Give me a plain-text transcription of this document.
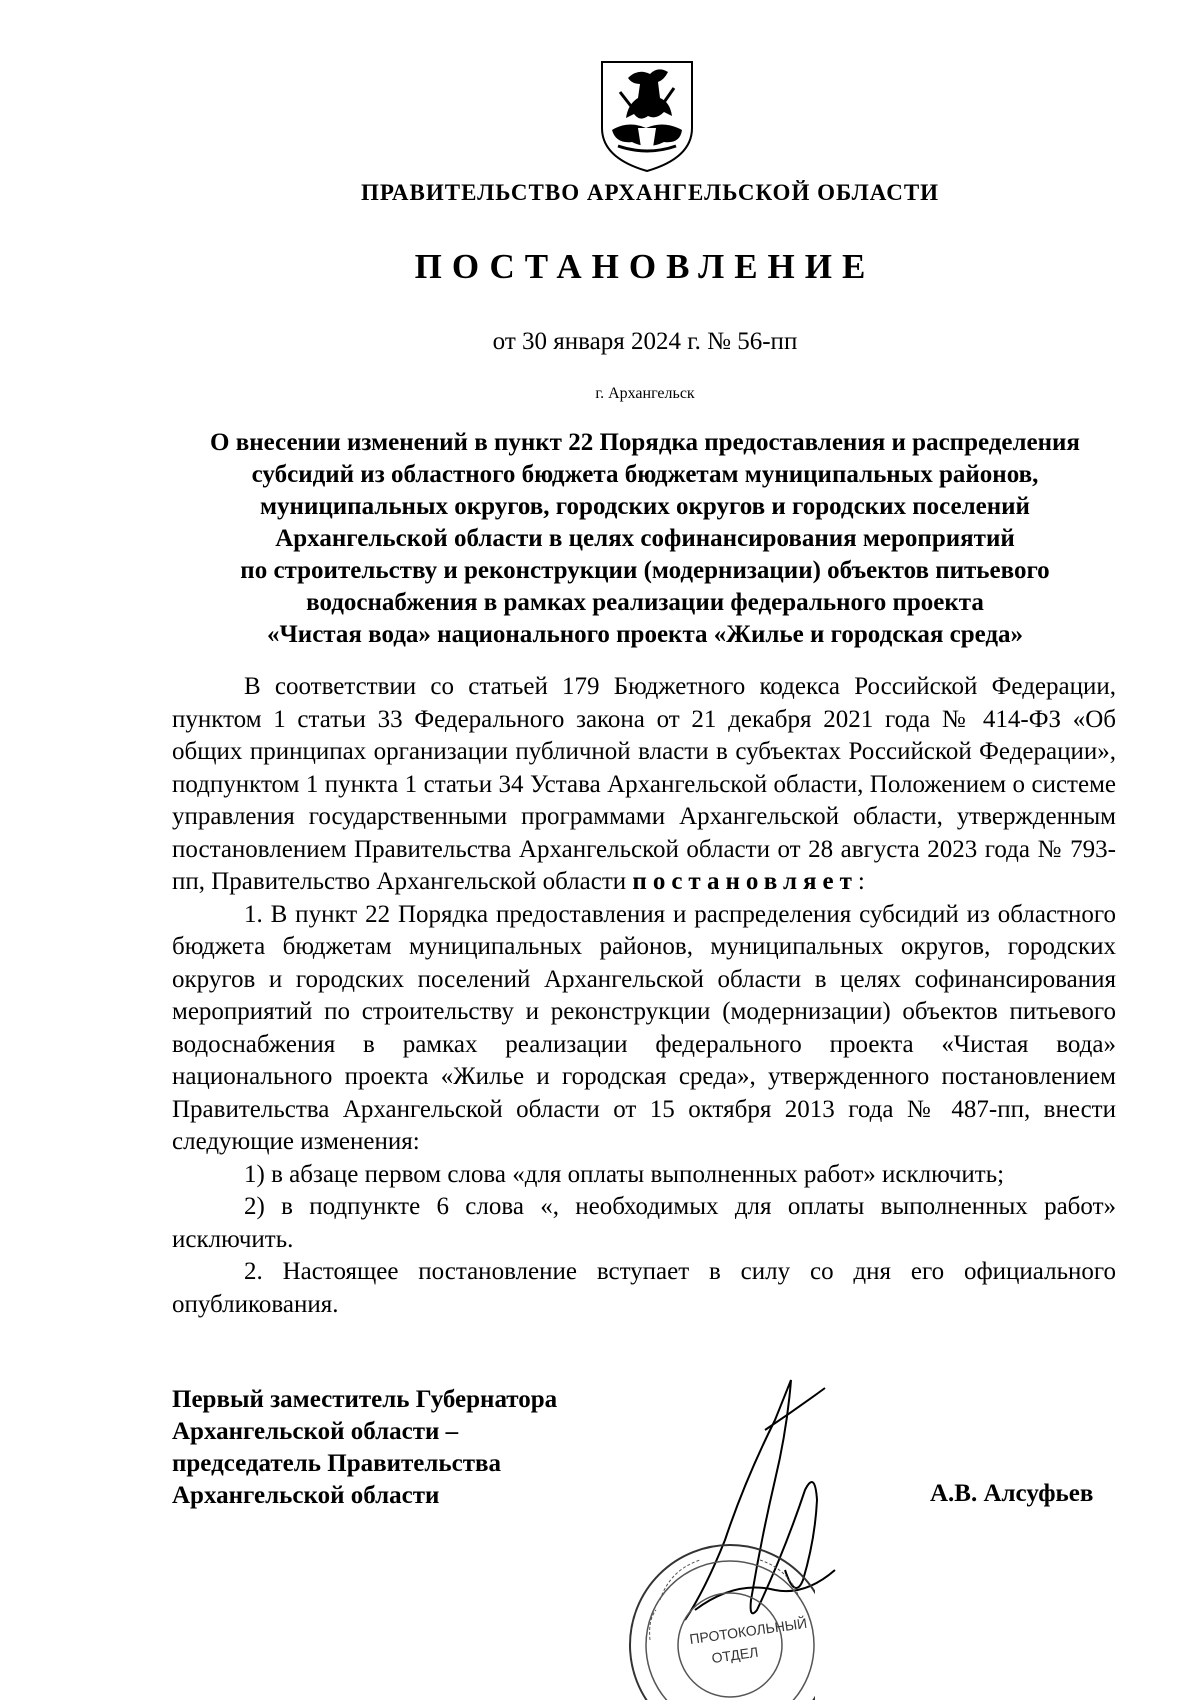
ПРАВИТЕЛЬСТВО АРХАНГЕЛЬСКОЙ ОБЛАСТИ
ПОСТАНОВЛЕНИЕ
от 30 января 2024 г. № 56-пп
г. Архангельск
О внесении изменений в пункт 22 Порядка предоставления и распределения
субсидий из областного бюджета бюджетам муниципальных районов,
муниципальных округов, городских округов и городских поселений
Архангельской области в целях софинансирования мероприятий
по строительству и реконструкции (модернизации) объектов питьевого
водоснабжения в рамках реализации федерального проекта
«Чистая вода» национального проекта «Жилье и городская среда»

В соответствии со статьей 179 Бюджетного кодекса Российской Федерации, пунктом 1 статьи 33 Федерального закона от 21 декабря 2021 года № 414-ФЗ «Об общих принципах организации публичной власти в субъектах Российской Федерации», подпунктом 1 пункта 1 статьи 34 Устава Архангельской области, Положением о системе управления государственными программами Архангельской области, утвержденным постановлением Правительства Архангельской области от 28 августа 2023 года № 793-пп, Правительство Архангельской области постановляет:

1. В пункт 22 Порядка предоставления и распределения субсидий из областного бюджета бюджетам муниципальных районов, муниципальных округов, городских округов и городских поселений Архангельской области в целях софинансирования мероприятий по строительству и реконструкции (модернизации) объектов питьевого водоснабжения в рамках реализации федерального проекта «Чистая вода» национального проекта «Жилье и городская среда», утвержденного постановлением Правительства Архангельской области от 15 октября 2013 года № 487-пп, внести следующие изменения:

1) в абзаце первом слова «для оплаты выполненных работ» исключить;

2) в подпункте 6 слова «, необходимых для оплаты выполненных работ» исключить.

2. Настоящее постановление вступает в силу со дня его официального опубликования.

Первый заместитель Губернатора
Архангельской области –
председатель Правительства
Архангельской области	А.В. Алсуфьев
ПРОТОКОЛЬНЫЙ
ОТДЕЛ
